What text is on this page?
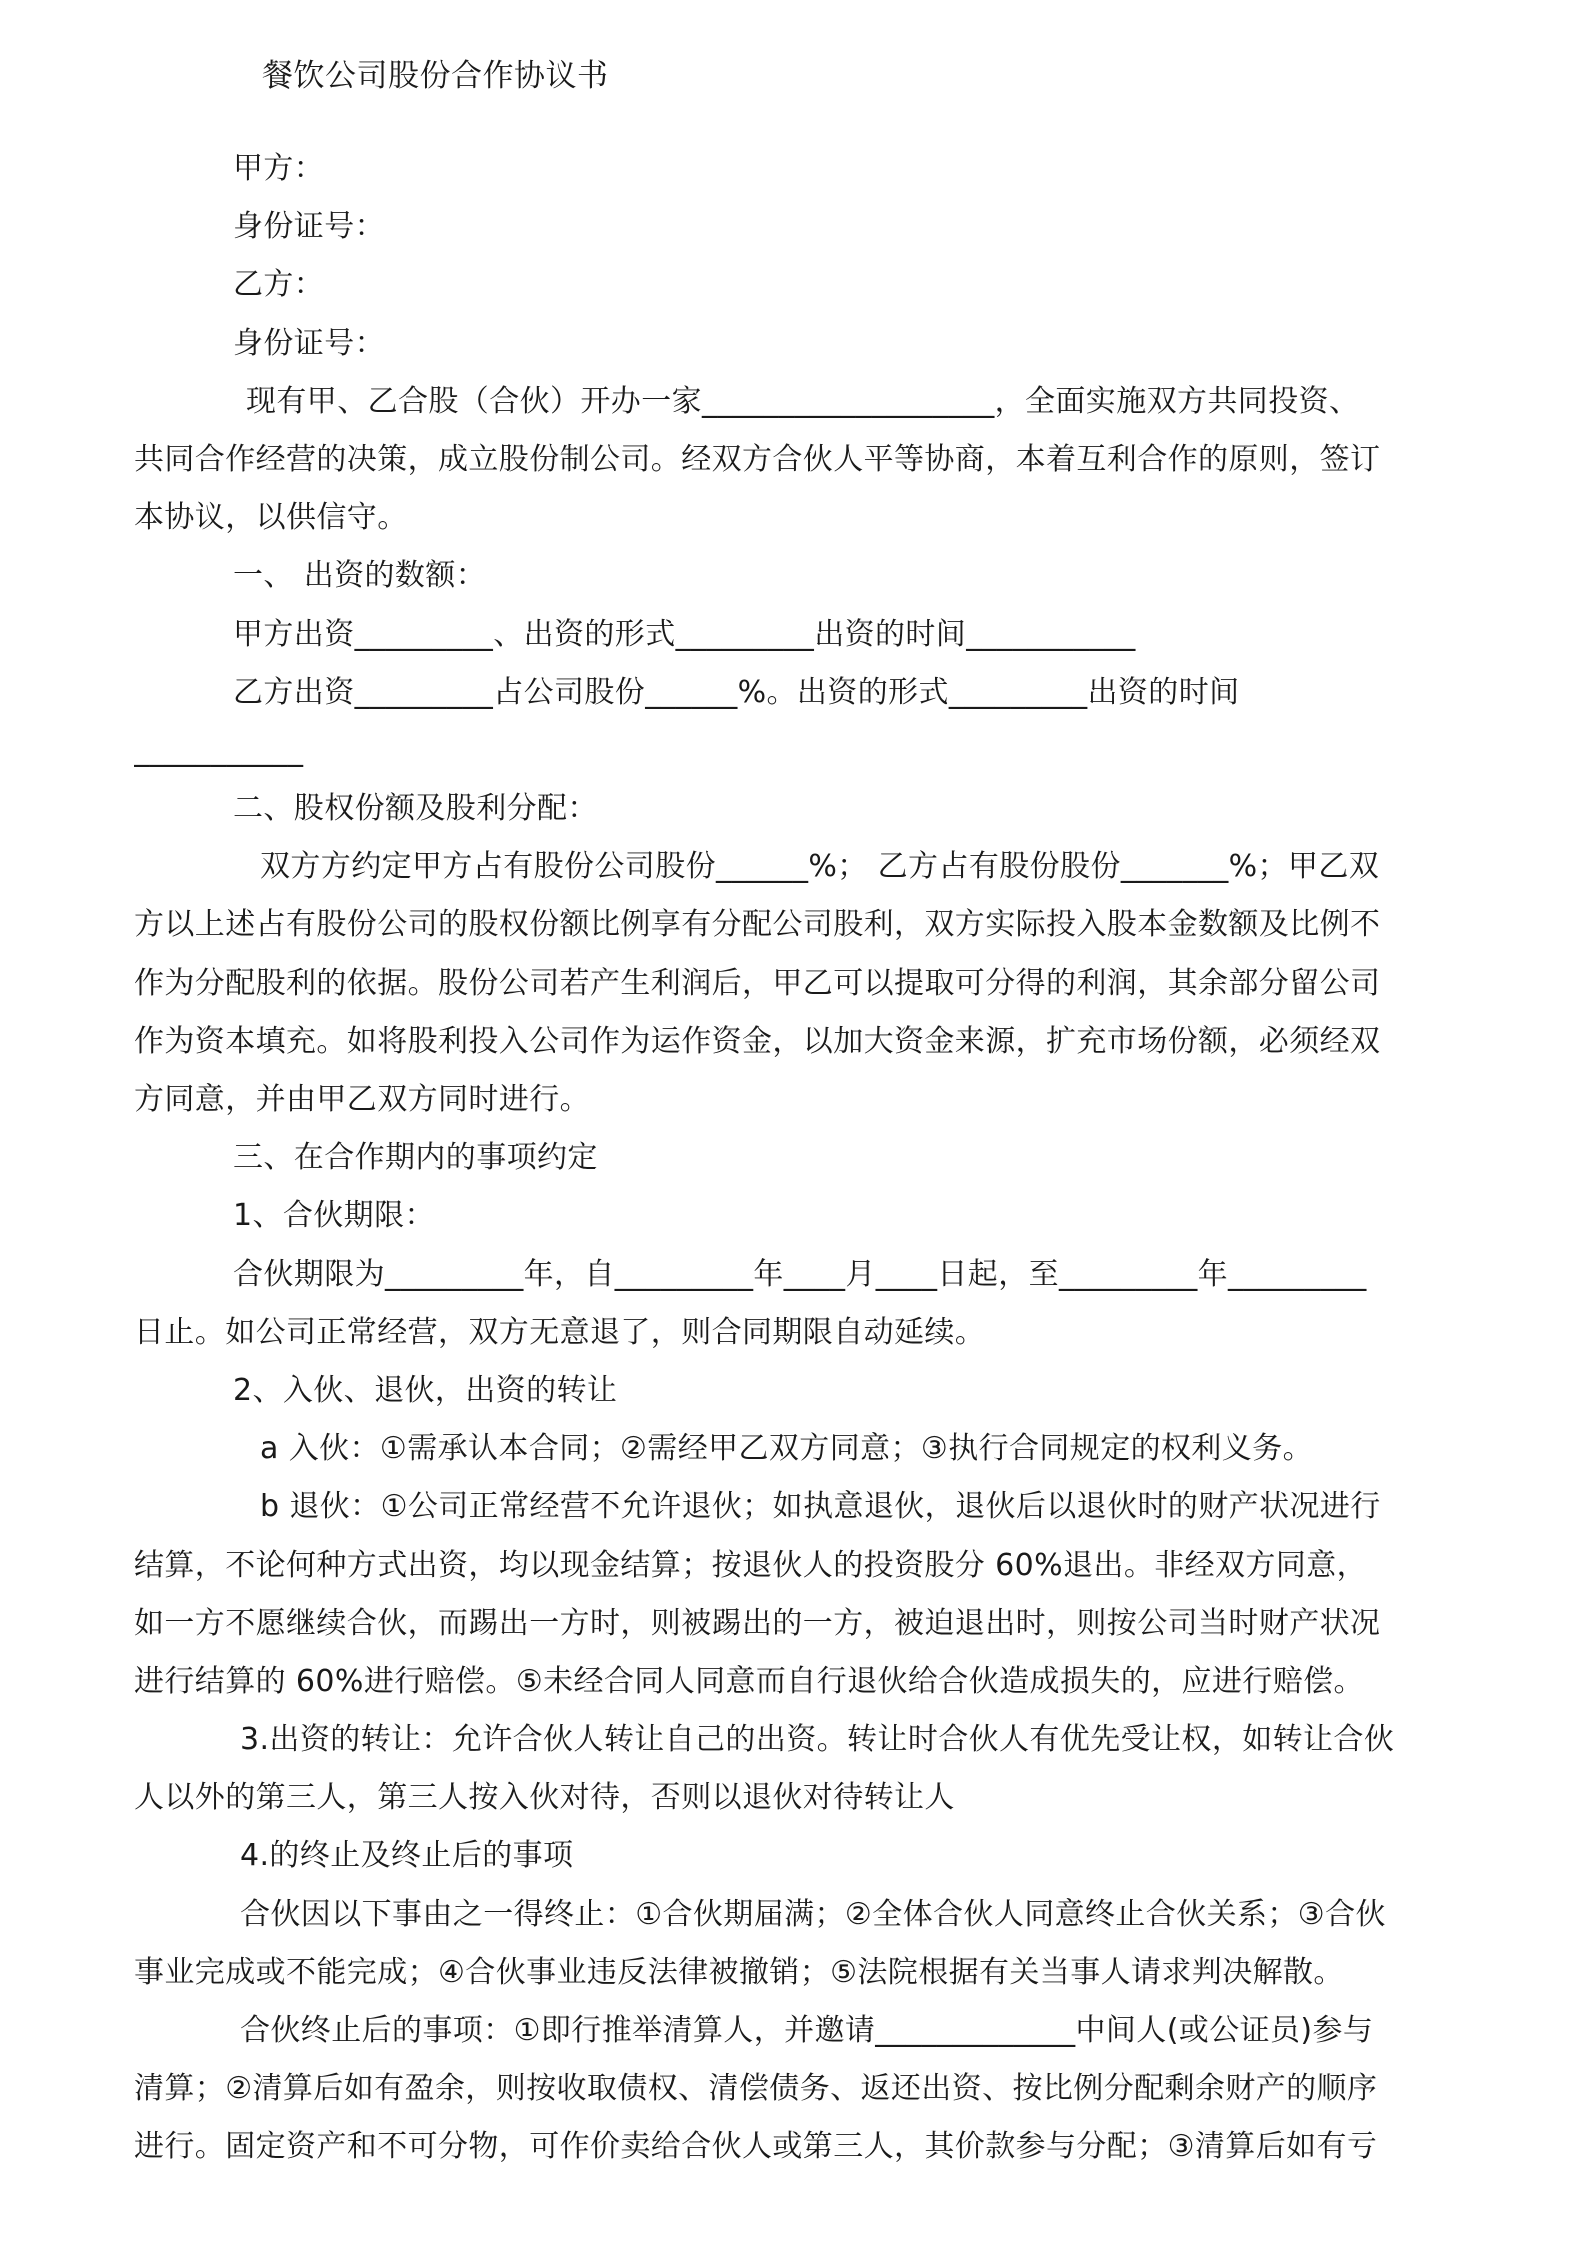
餐饮公司股份合作协议书
甲方：
身份证号：
乙方：
身份证号：
现有甲、乙合股（合伙）开办一家___________________，全面实施双方共同投资、
共同合作经营的决策，成立股份制公司。经双方合伙人平等协商，本着互利合作的原则，签订
本协议，以供信守。
一、 出资的数额：
甲方出资_________、出资的形式_________出资的时间___________
乙方出资_________占公司股份______%。出资的形式_________出资的时间
___________
二、股权份额及股利分配：
双方方约定甲方占有股份公司股份______%； 乙方占有股份股份_______%；甲乙双
方以上述占有股份公司的股权份额比例享有分配公司股利，双方实际投入股本金数额及比例不
作为分配股利的依据。股份公司若产生利润后，甲乙可以提取可分得的利润，其余部分留公司
作为资本填充。如将股利投入公司作为运作资金，以加大资金来源，扩充市场份额，必须经双
方同意，并由甲乙双方同时进行。
三、在合作期内的事项约定
1、合伙期限：
合伙期限为_________年，自_________年____月____日起，至_________年_________
日止。如公司正常经营，双方无意退了，则合同期限自动延续。
2、入伙、退伙，出资的转让
a 入伙：①需承认本合同；②需经甲乙双方同意；③执行合同规定的权利义务。
b 退伙：①公司正常经营不允许退伙；如执意退伙，退伙后以退伙时的财产状况进行
结算，不论何种方式出资，均以现金结算；按退伙人的投资股分 60%退出。非经双方同意，
如一方不愿继续合伙，而踢出一方时，则被踢出的一方，被迫退出时，则按公司当时财产状况
进行结算的 60%进行赔偿。⑤未经合同人同意而自行退伙给合伙造成损失的，应进行赔偿。
3.出资的转让：允许合伙人转让自己的出资。转让时合伙人有优先受让权，如转让合伙
人以外的第三人，第三人按入伙对待，否则以退伙对待转让人
4.的终止及终止后的事项
合伙因以下事由之一得终止：①合伙期届满；②全体合伙人同意终止合伙关系；③合伙
事业完成或不能完成；④合伙事业违反法律被撤销；⑤法院根据有关当事人请求判决解散。
合伙终止后的事项：①即行推举清算人，并邀请_____________中间人(或公证员)参与
清算；②清算后如有盈余，则按收取债权、清偿债务、返还出资、按比例分配剩余财产的顺序
进行。固定资产和不可分物，可作价卖给合伙人或第三人，其价款参与分配；③清算后如有亏
